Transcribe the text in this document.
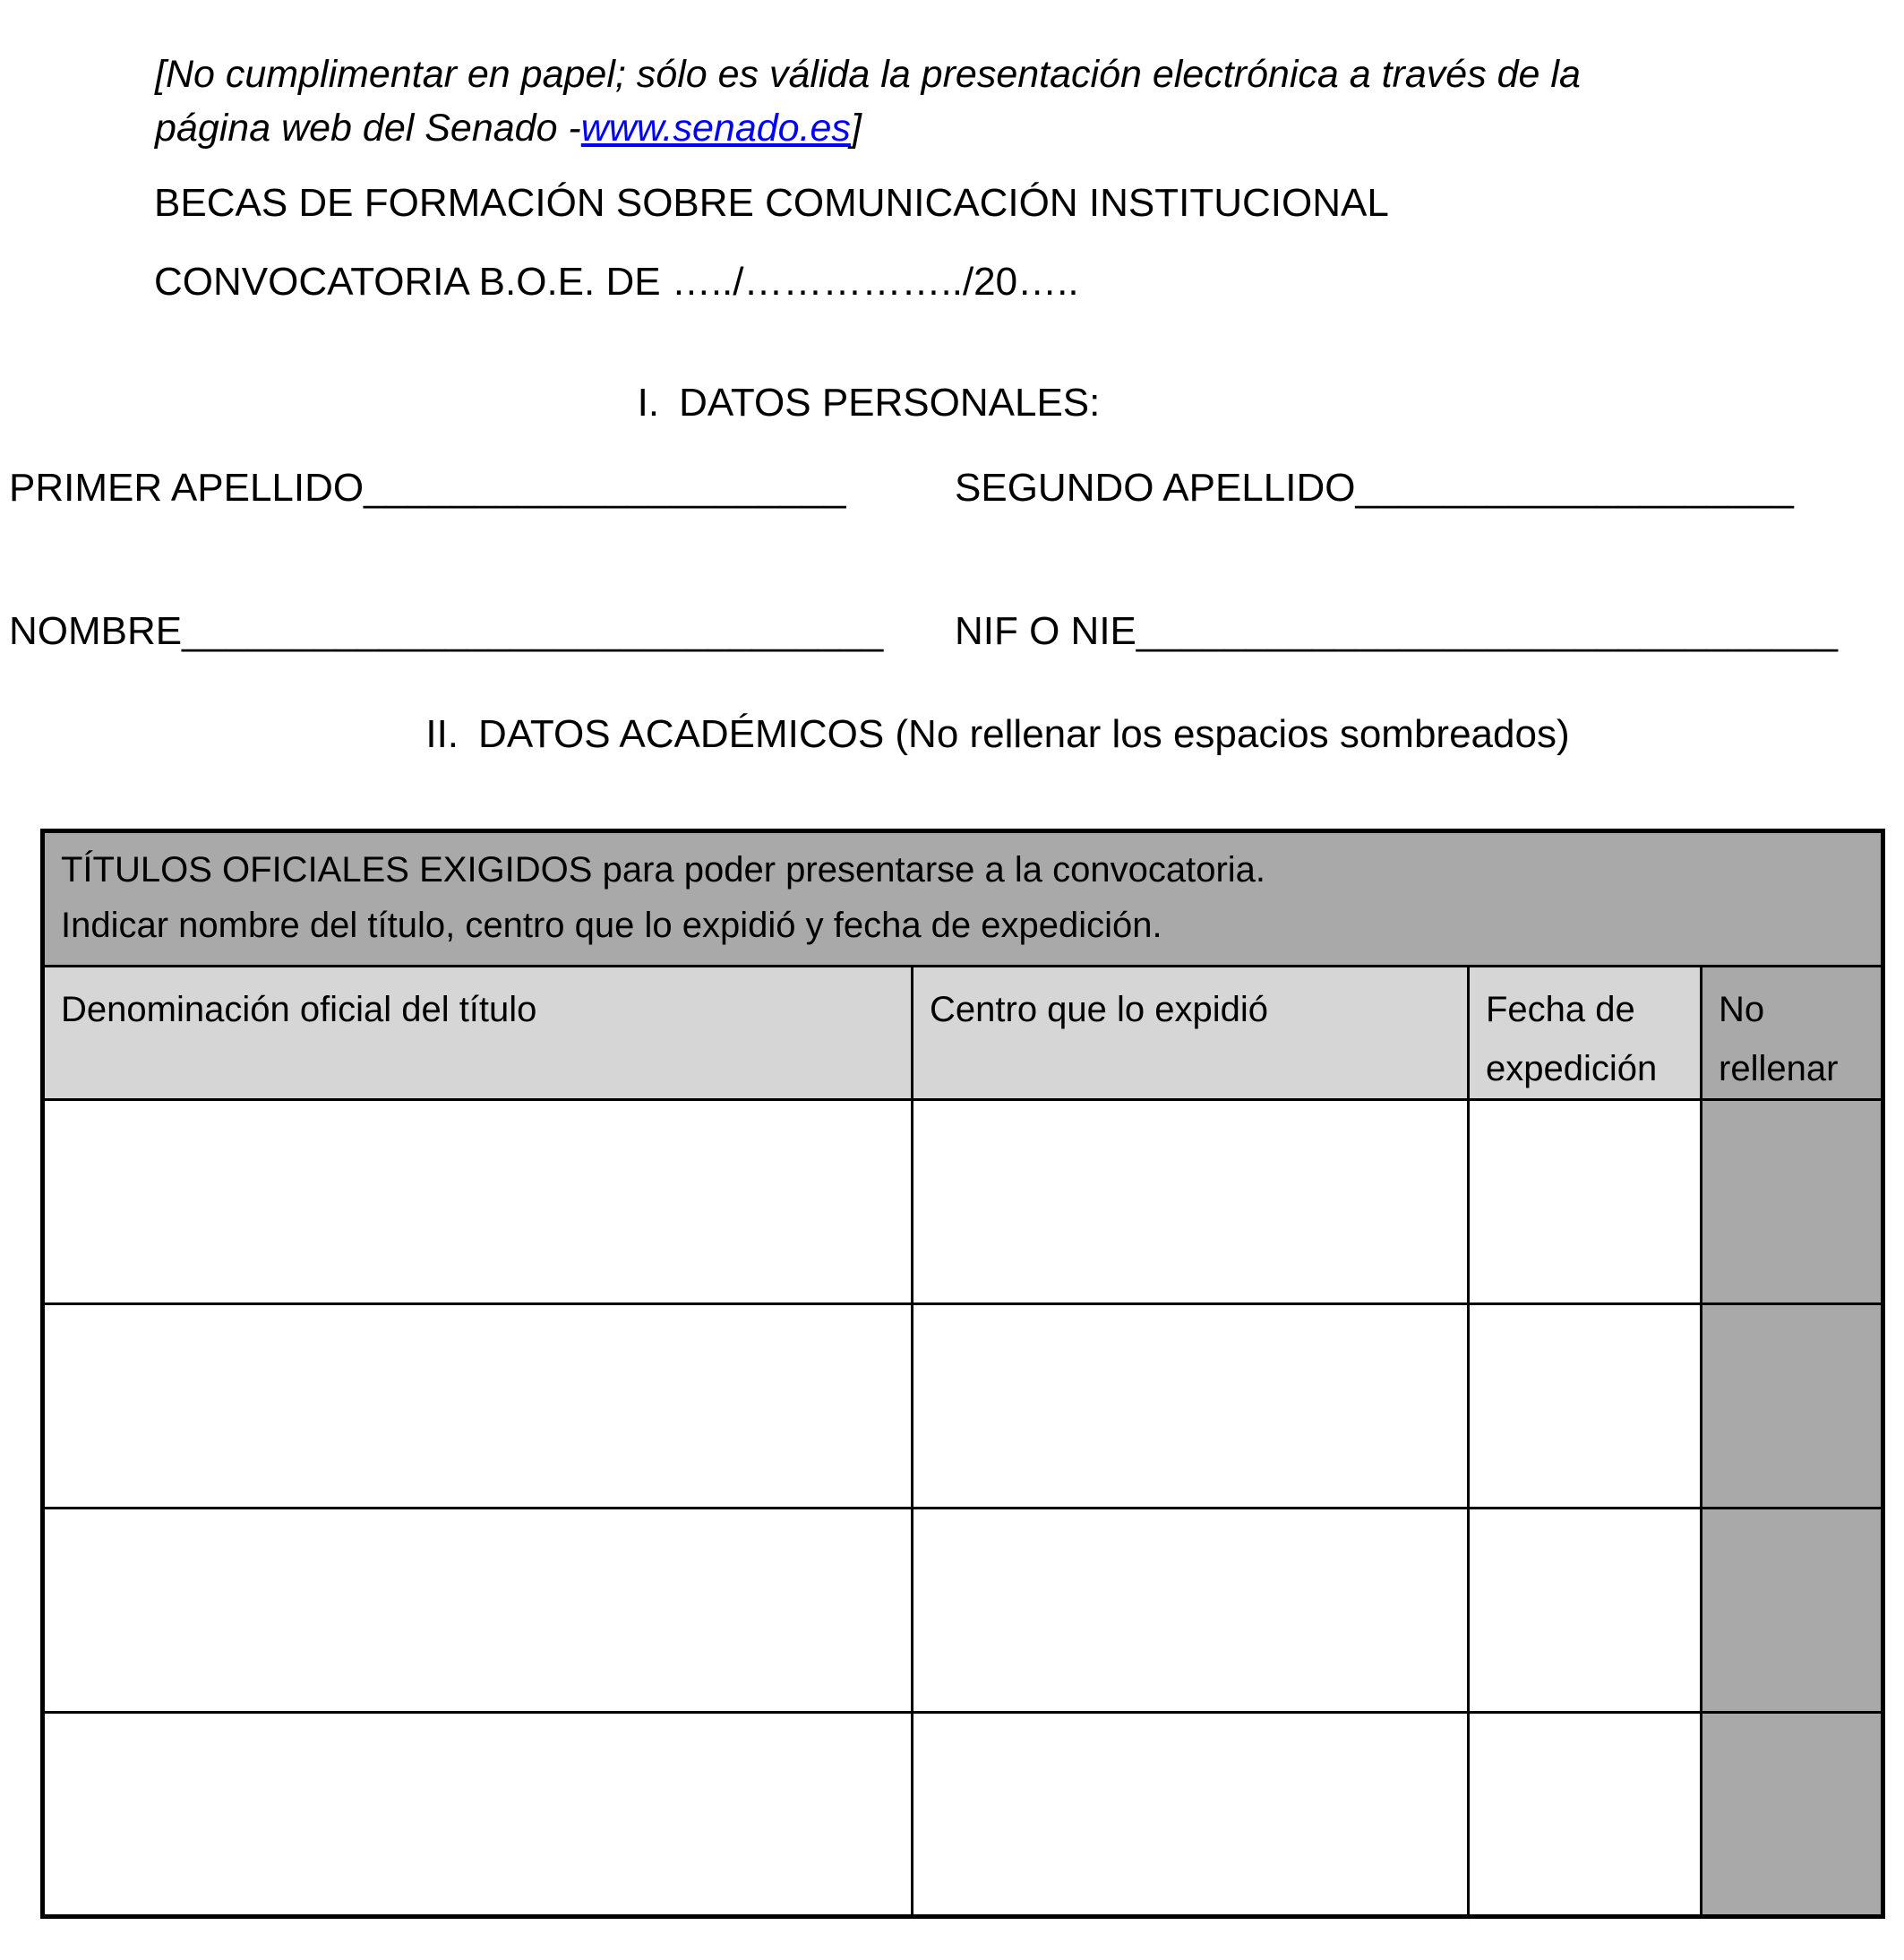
[No cumplimentar en papel; sólo es válida la presentación electrónica a través de la
página web del Senado -www.senado.es]

BECAS DE FORMACIÓN SOBRE COMUNICACIÓN INSTITUCIONAL
CONVOCATORIA B.O.E. DE …../……………../20…..
I. DATOS PERSONALES:
PRIMER APELLIDO______________________	SEGUNDO APELLIDO____________________
NOMBRE________________________________ NIF O NIE________________________________
II. DATOS ACADÉMICOS (No rellenar los espacios sombreados)

TÍTULOS OFICIALES EXIGIDOS para poder presentarse a la convocatoria.

Indicar nombre del título, centro que lo expidió y fecha de expedición.			

Denominación oficial del título	Centro que lo expidió	Fecha de expedición	No rellenar
